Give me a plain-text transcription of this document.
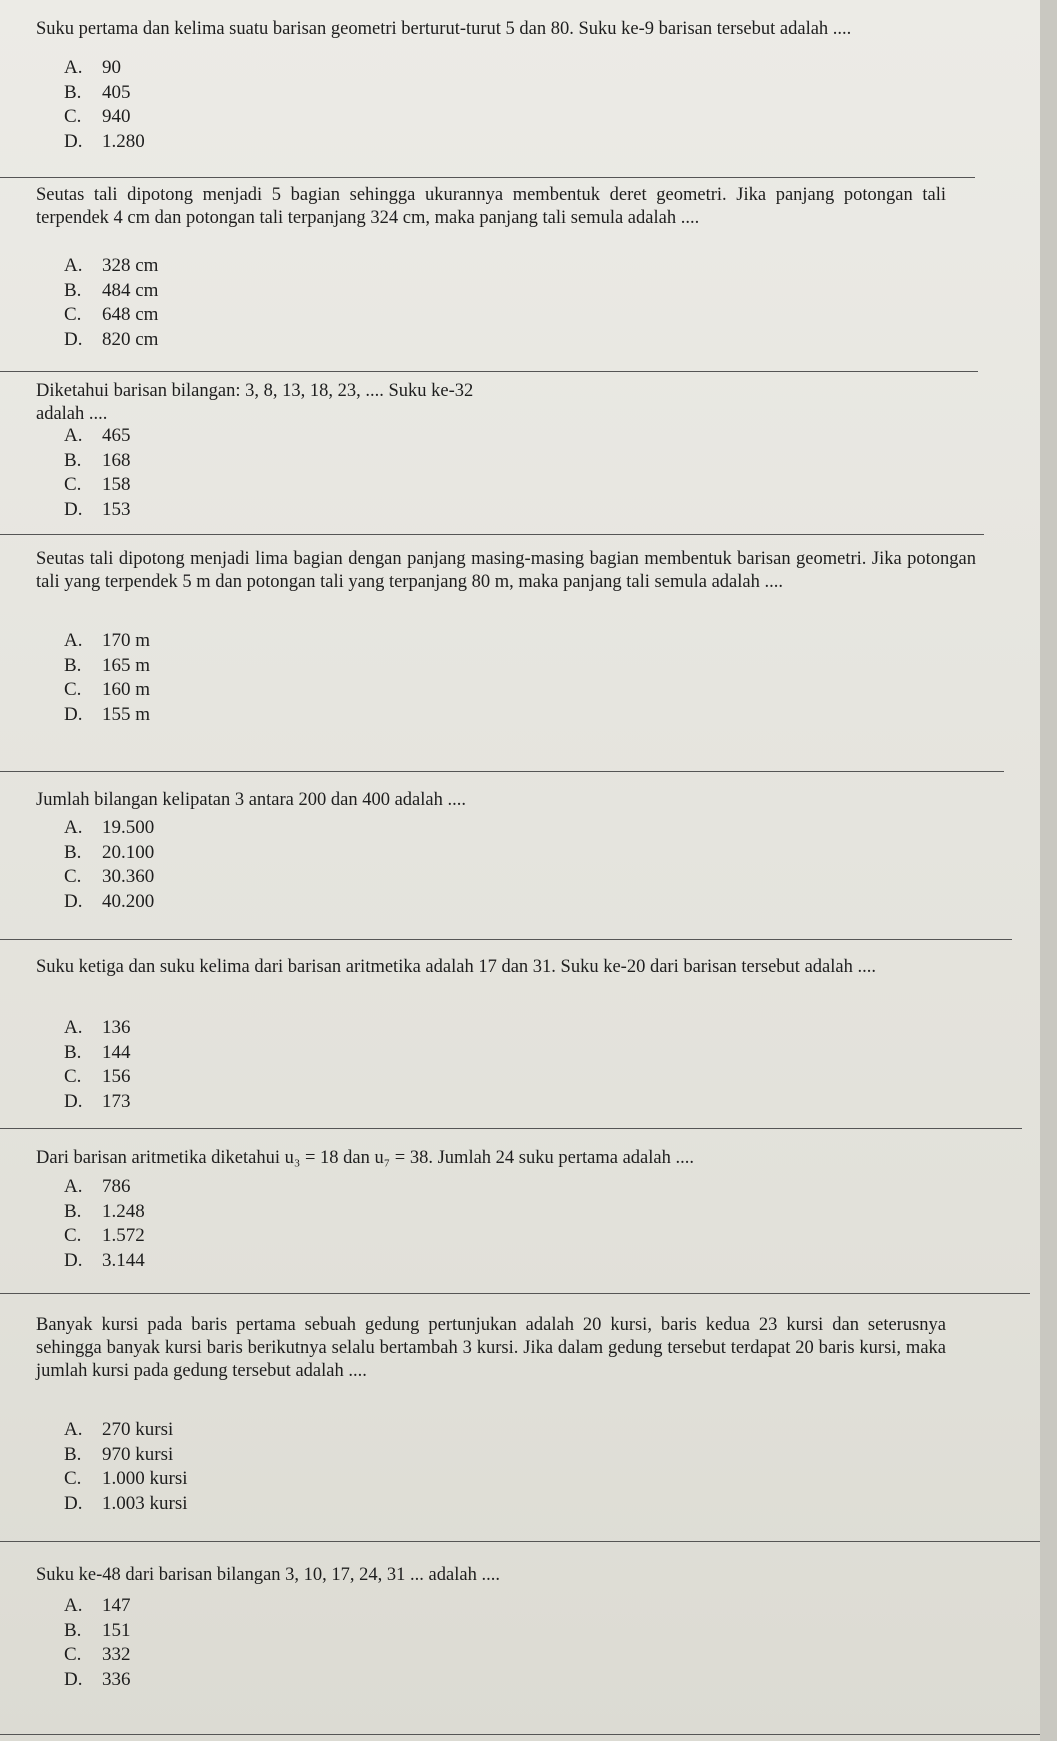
Suku pertama dan kelima suatu barisan geometri berturut-turut 5 dan 80. Suku ke-9 barisan tersebut adalah ....
A.	90
B.	405
C.	940
D.	1.280
Seutas tali dipotong menjadi 5 bagian sehingga ukurannya membentuk deret geometri. Jika panjang potongan tali terpendek 4 cm dan potongan tali terpanjang 324 cm, maka panjang tali semula adalah ....
A.	328 cm
B.	484 cm
C.	648 cm
D.	820 cm
Diketahui barisan bilangan: 3, 8, 13, 18, 23, .... Suku ke-32 adalah ....
A.	465
B.	168
C.	158
D.	153
Seutas tali dipotong menjadi lima bagian dengan panjang masing-masing bagian membentuk barisan geometri. Jika potongan tali yang terpendek 5 m dan potongan tali yang terpanjang 80 m, maka panjang tali semula adalah ....
A.	170 m
B.	165 m
C.	160 m
D.	155 m
Jumlah bilangan kelipatan 3 antara 200 dan 400 adalah ....
A.	19.500
B.	20.100
C.	30.360
D.	40.200
Suku ketiga dan suku kelima dari barisan aritmetika adalah 17 dan 31. Suku ke-20 dari barisan tersebut adalah ....
A.	136
B.	144
C.	156
D.	173
Dari barisan aritmetika diketahui u₃ = 18 dan u₇ = 38. Jumlah 24 suku pertama adalah ....
A.	786
B.	1.248
C.	1.572
D.	3.144
Banyak kursi pada baris pertama sebuah gedung pertunjukan adalah 20 kursi, baris kedua 23 kursi dan seterusnya sehingga banyak kursi baris berikutnya selalu bertambah 3 kursi. Jika dalam gedung tersebut terdapat 20 baris kursi, maka jumlah kursi pada gedung tersebut adalah ....
A.	270 kursi
B.	970 kursi
C.	1.000 kursi
D.	1.003 kursi
Suku ke-48 dari barisan bilangan 3, 10, 17, 24, 31 ... adalah ....
A.	147
B.	151
C.	332
D.	336
